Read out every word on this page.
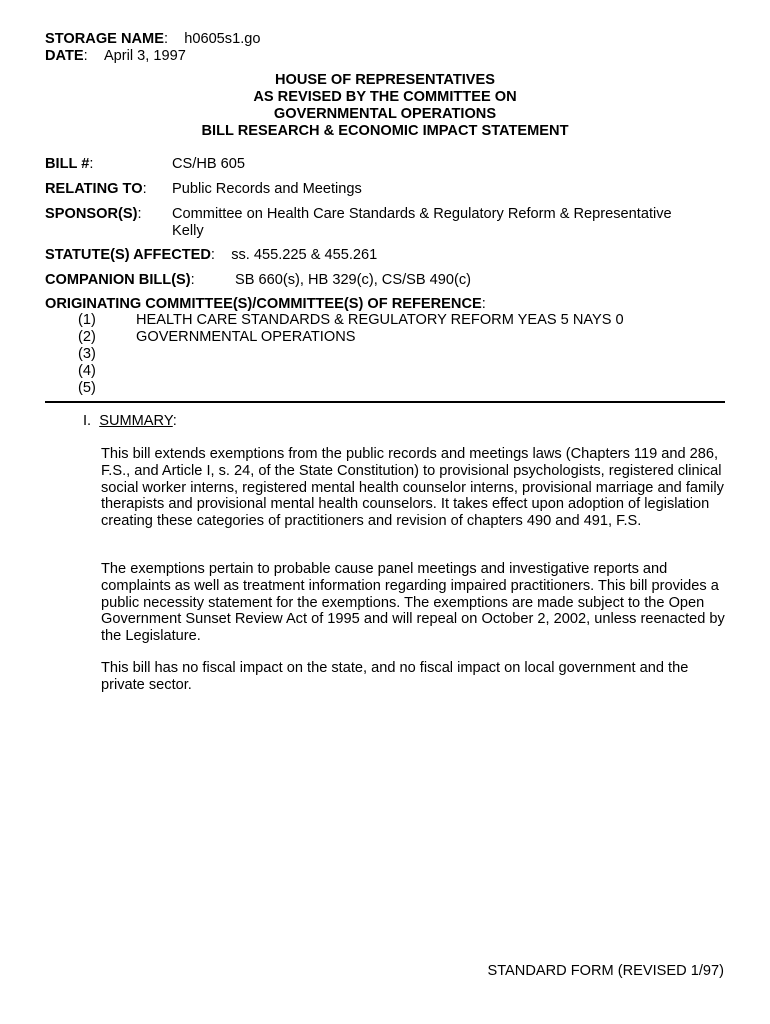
STORAGE NAME:    h0605s1.go
DATE:    April 3, 1997
HOUSE OF REPRESENTATIVES
AS REVISED BY THE COMMITTEE ON
GOVERNMENTAL OPERATIONS
BILL RESEARCH & ECONOMIC IMPACT STATEMENT
BILL #:	CS/HB 605
RELATING TO: Public Records and Meetings
SPONSOR(S): Committee on Health Care Standards & Regulatory Reform & Representative
Kelly
STATUTE(S) AFFECTED:    ss. 455.225 & 455.261
COMPANION BILL(S):	SB 660(s), HB 329(c), CS/SB 490(c)
ORIGINATING COMMITTEE(S)/COMMITTEE(S) OF REFERENCE:
(1)	HEALTH CARE STANDARDS & REGULATORY REFORM YEAS 5 NAYS 0
(2)	GOVERNMENTAL OPERATIONS
(3)
(4)
(5)
I. SUMMARY:
This bill extends exemptions from the public records and meetings laws (Chapters 119 and 286, F.S., and Article I, s. 24, of the State Constitution) to provisional psychologists, registered clinical social worker interns, registered mental health counselor interns, provisional marriage and family therapists and provisional mental health counselors. It takes effect upon adoption of legislation creating these categories of practitioners and revision of chapters 490 and 491, F.S.
The exemptions pertain to probable cause panel meetings and investigative reports and complaints as well as treatment information regarding impaired practitioners. This bill provides a public necessity statement for the exemptions. The exemptions are made subject to the Open Government Sunset Review Act of 1995 and will repeal on October 2, 2002, unless reenacted by the Legislature.
This bill has no fiscal impact on the state, and no fiscal impact on local government and the private sector.
STANDARD FORM (REVISED 1/97)
